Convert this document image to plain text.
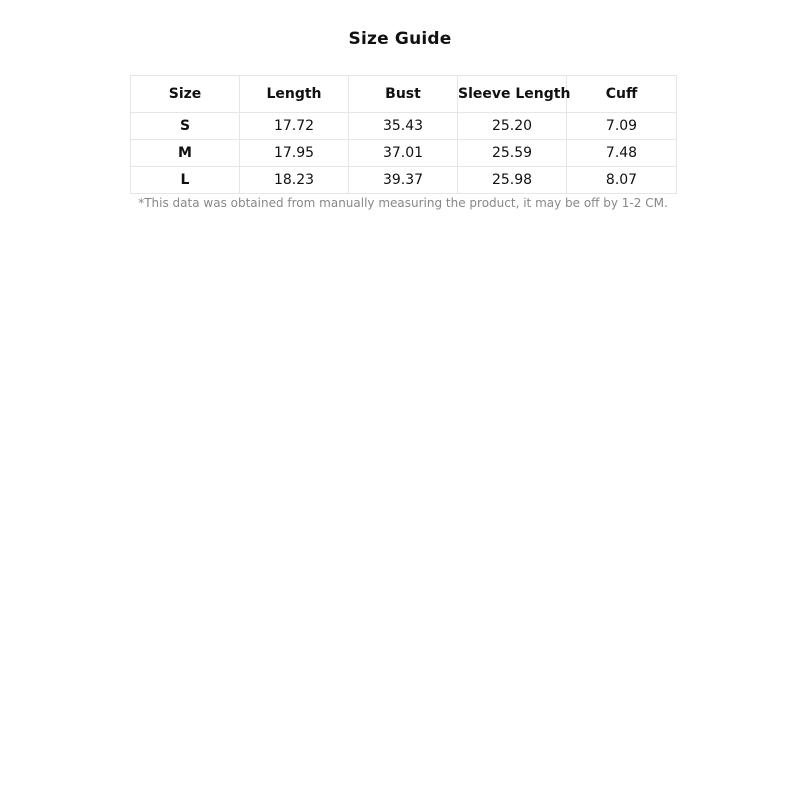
Size Guide
Size	Length	Bust	Sleeve Length	Cuff
S	17.72	35.43	25.20	7.09
M	17.95	37.01	25.59	7.48
L	18.23	39.37	25.98	8.07
*This data was obtained from manually measuring the product, it may be off by 1-2 CM.
